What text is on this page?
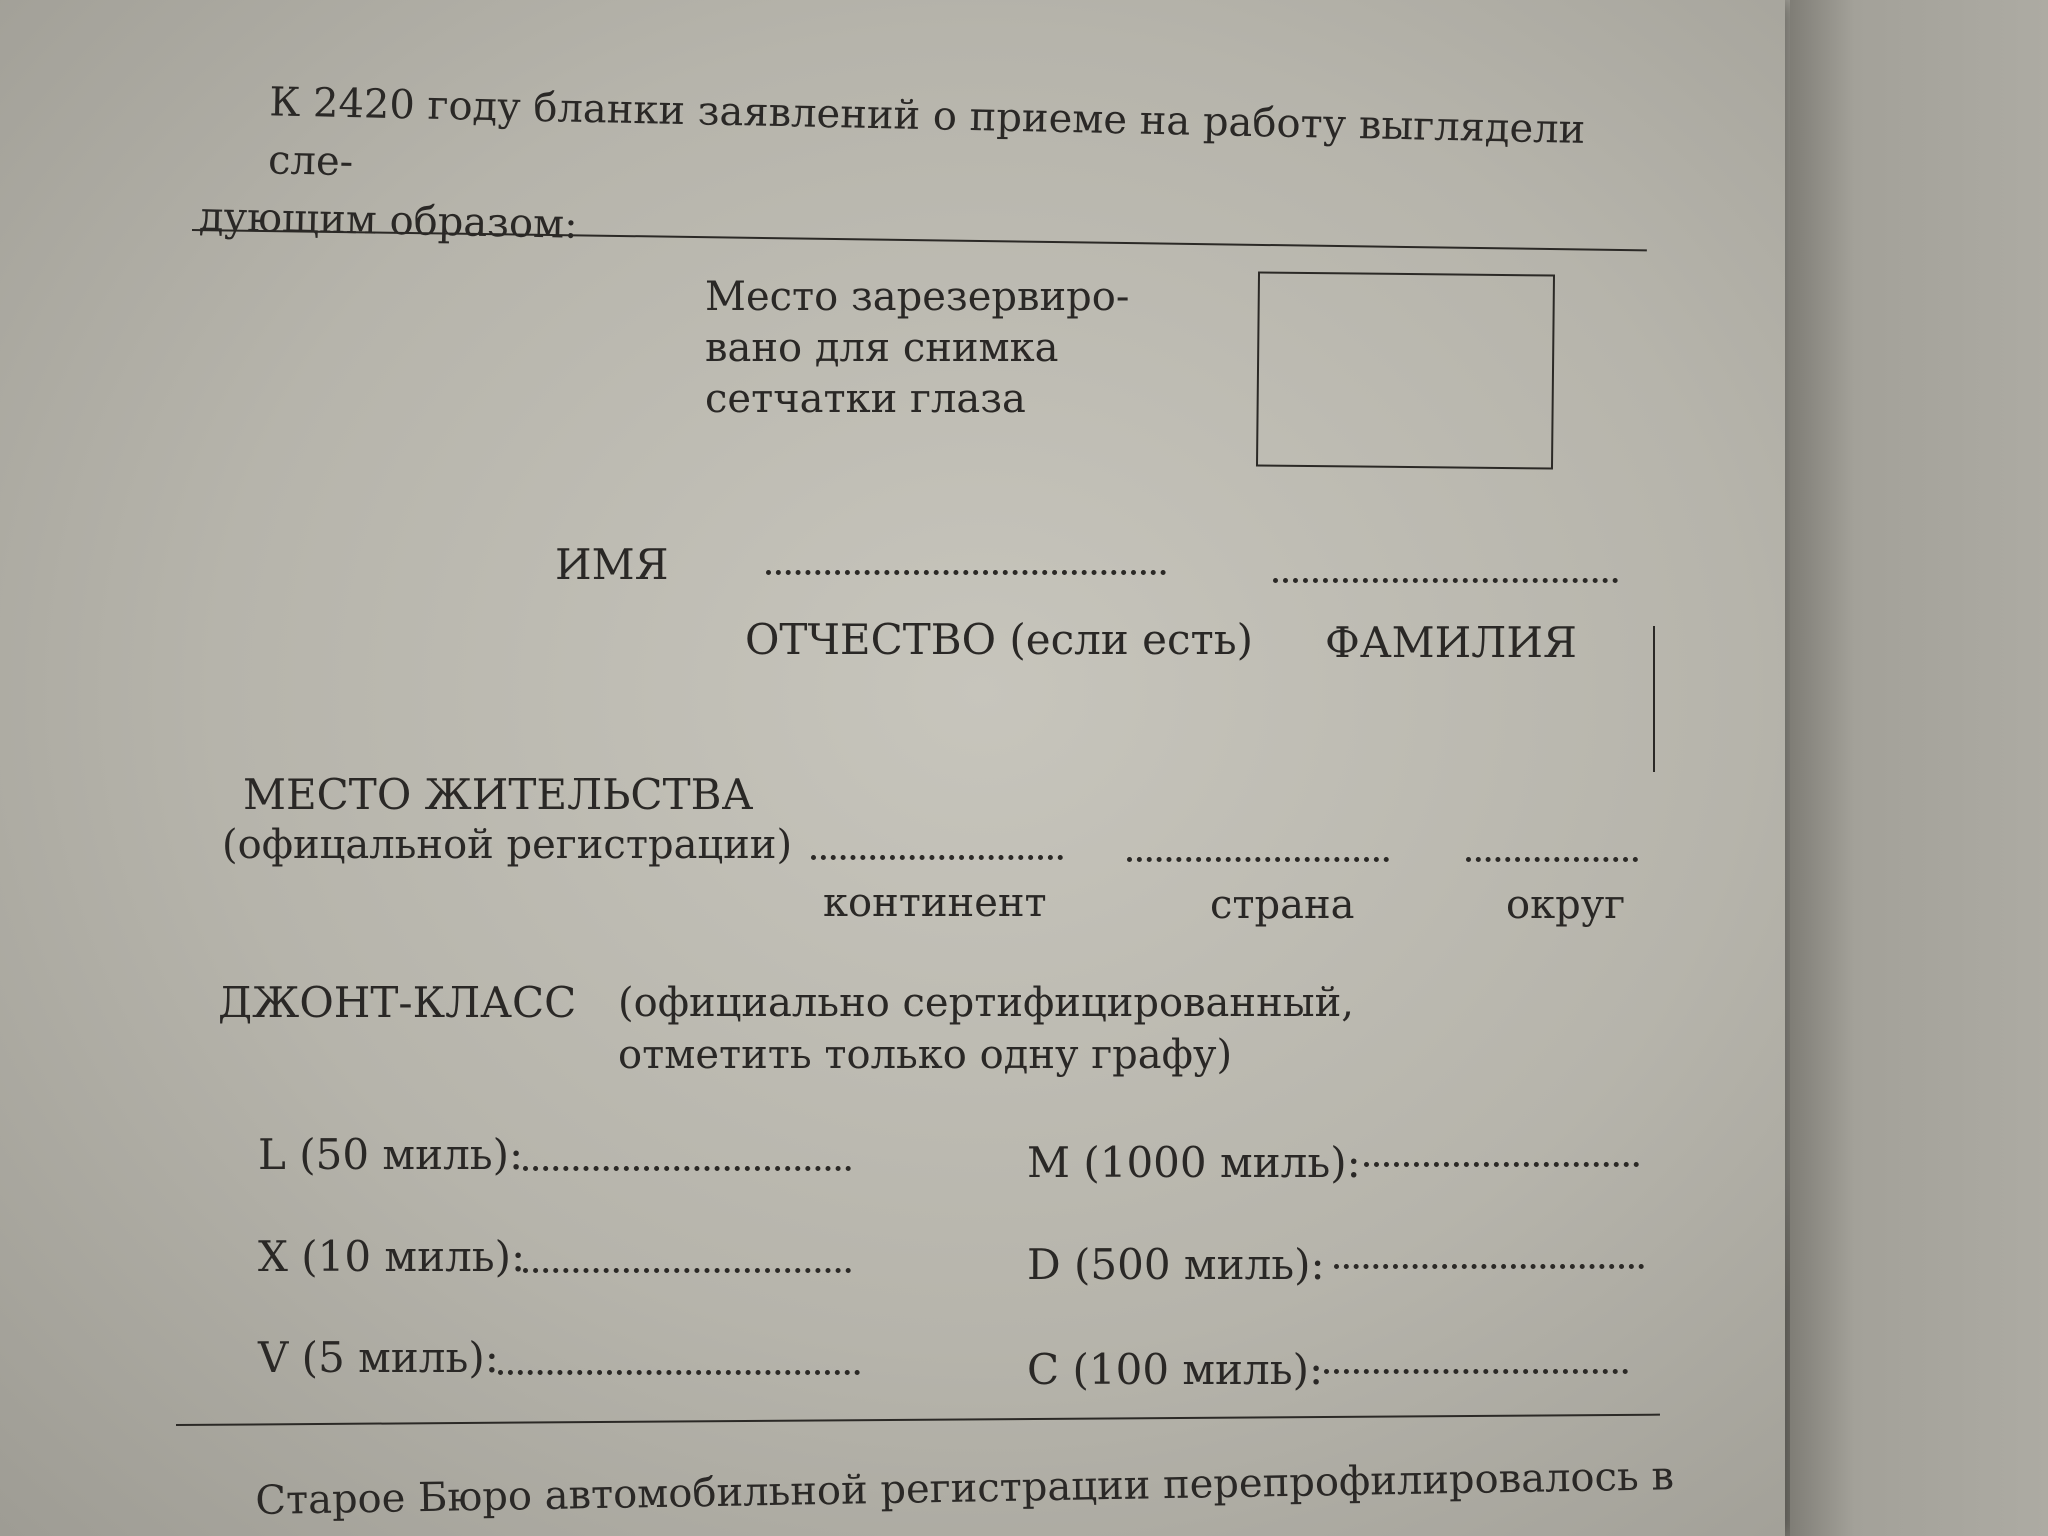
К 2420 году бланки заявлений о приеме на работу выглядели сле-
дующим образом:
Место зарезервиро-вано для снимка сетчатки глаза
ИМЯ
ОТЧЕСТВО (если есть) ФАМИЛИЯ
МЕСТО ЖИТЕЛЬСТВА
(офицальной регистрации)
континент	страна	округ
ДЖОНТ-КЛАСС (официально сертифицированный,
отметить только одну графу)
L (50 миль):
X (10 миль):
V (5 миль):
M (1000 миль):
D (500 миль):
C (100 миль):
Старое Бюро автомобильной регистрации перепрофилировалось в
